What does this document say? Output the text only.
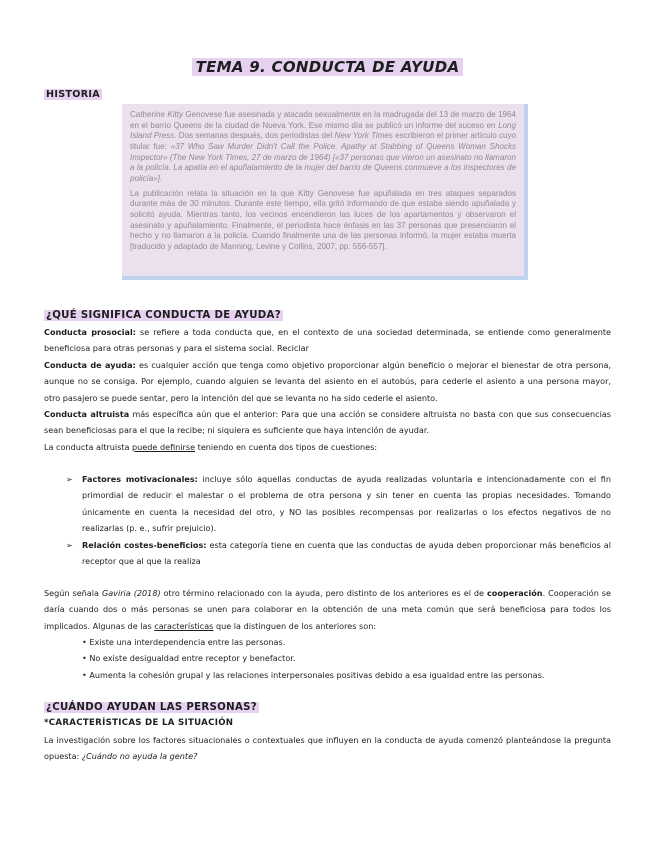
TEMA 9. CONDUCTA DE AYUDA
HISTORIA

Catherine Kitty Genovese fue asesinada y atacada sexualmente en la madrugada del 13 de marzo de 1964 en el barrio Queens de la ciudad de Nueva York. Ese mismo día se publicó un informe del suceso en Long Island Press. Dos semanas después, dos periodistas del New York Times escribieron el primer artículo cuyo titular fue: «37 Who Saw Murder Didn't Call the Police. Apathy at Stabbing of Queens Woman Shocks Inspector» (The New York Times, 27 de marzo de 1964) [«37 personas que vieron un asesinato no llamaron a la policía. La apatía en el apuñalamiento de la mujer del barrio de Queens conmueve a los inspectores de policía»].

La publicación relata la situación en la que Kitty Genovese fue apuñalada en tres ataques separados durante más de 30 minutos. Durante este tiempo, ella gritó informando de que estaba siendo apuñalada y solicitó ayuda. Mientras tanto, los vecinos encendieron las luces de los apartamentos y observaron el asesinato y apuñalamiento. Finalmente, el periodista hace énfasis en las 37 personas que presenciaron el hecho y no llamaron a la policía. Cuando finalmente una de las personas informó, la mujer estaba muerta [traducido y adaptado de Manning, Levine y Collins, 2007, pp. 556-557].

¿QUÉ SIGNIFICA CONDUCTA DE AYUDA?

Conducta prosocial: se refiere a toda conducta que, en el contexto de una sociedad determinada, se entiende como generalmente beneficiosa para otras personas y para el sistema social. Reciclar

Conducta de ayuda: es cualquier acción que tenga como objetivo proporcionar algún beneficio o mejorar el bienestar de otra persona, aunque no se consiga. Por ejemplo, cuando alguien se levanta del asiento en el autobús, para cederle el asiento a una persona mayor, otro pasajero se puede sentar, pero la intención del que se levanta no ha sido cederle el asiento.

Conducta altruista más específica aún que el anterior: Para que una acción se considere altruista no basta con que sus consecuencias sean beneficiosas para el que la recibe; ni siquiera es suficiente que haya intención de ayudar.

La conducta altruista puede definirse teniendo en cuenta dos tipos de cuestiones:

➢ Factores motivacionales: incluye sólo aquellas conductas de ayuda realizadas voluntaria e intencionadamente con el fin primordial de reducir el malestar o el problema de otra persona y sin tener en cuenta las propias necesidades. Tomando únicamente en cuenta la necesidad del otro, y NO las posibles recompensas por realizarlas o los efectos negativos de no realizarlas (p. e., sufrir prejuicio).
➢ Relación costes-beneficios: esta categoría tiene en cuenta que las conductas de ayuda deben proporcionar más beneficios al receptor que al que la realiza

Según señala Gaviria (2018) otro término relacionado con la ayuda, pero distinto de los anteriores es el de cooperación. Cooperación se daría cuando dos o más personas se unen para colaborar en la obtención de una meta común que será beneficiosa para todos los implicados. Algunas de las características que la distinguen de los anteriores son:

• Existe una interdependencia entre las personas.
• No existe desigualdad entre receptor y benefactor.
• Aumenta la cohesión grupal y las relaciones interpersonales positivas debido a esa igualdad entre las personas.
¿CUÁNDO AYUDAN LAS PERSONAS?
*CARACTERÍSTICAS DE LA SITUACIÓN

La investigación sobre los factores situacionales o contextuales que influyen en la conducta de ayuda comenzó planteándose la pregunta opuesta: ¿Cuándo no ayuda la gente?
